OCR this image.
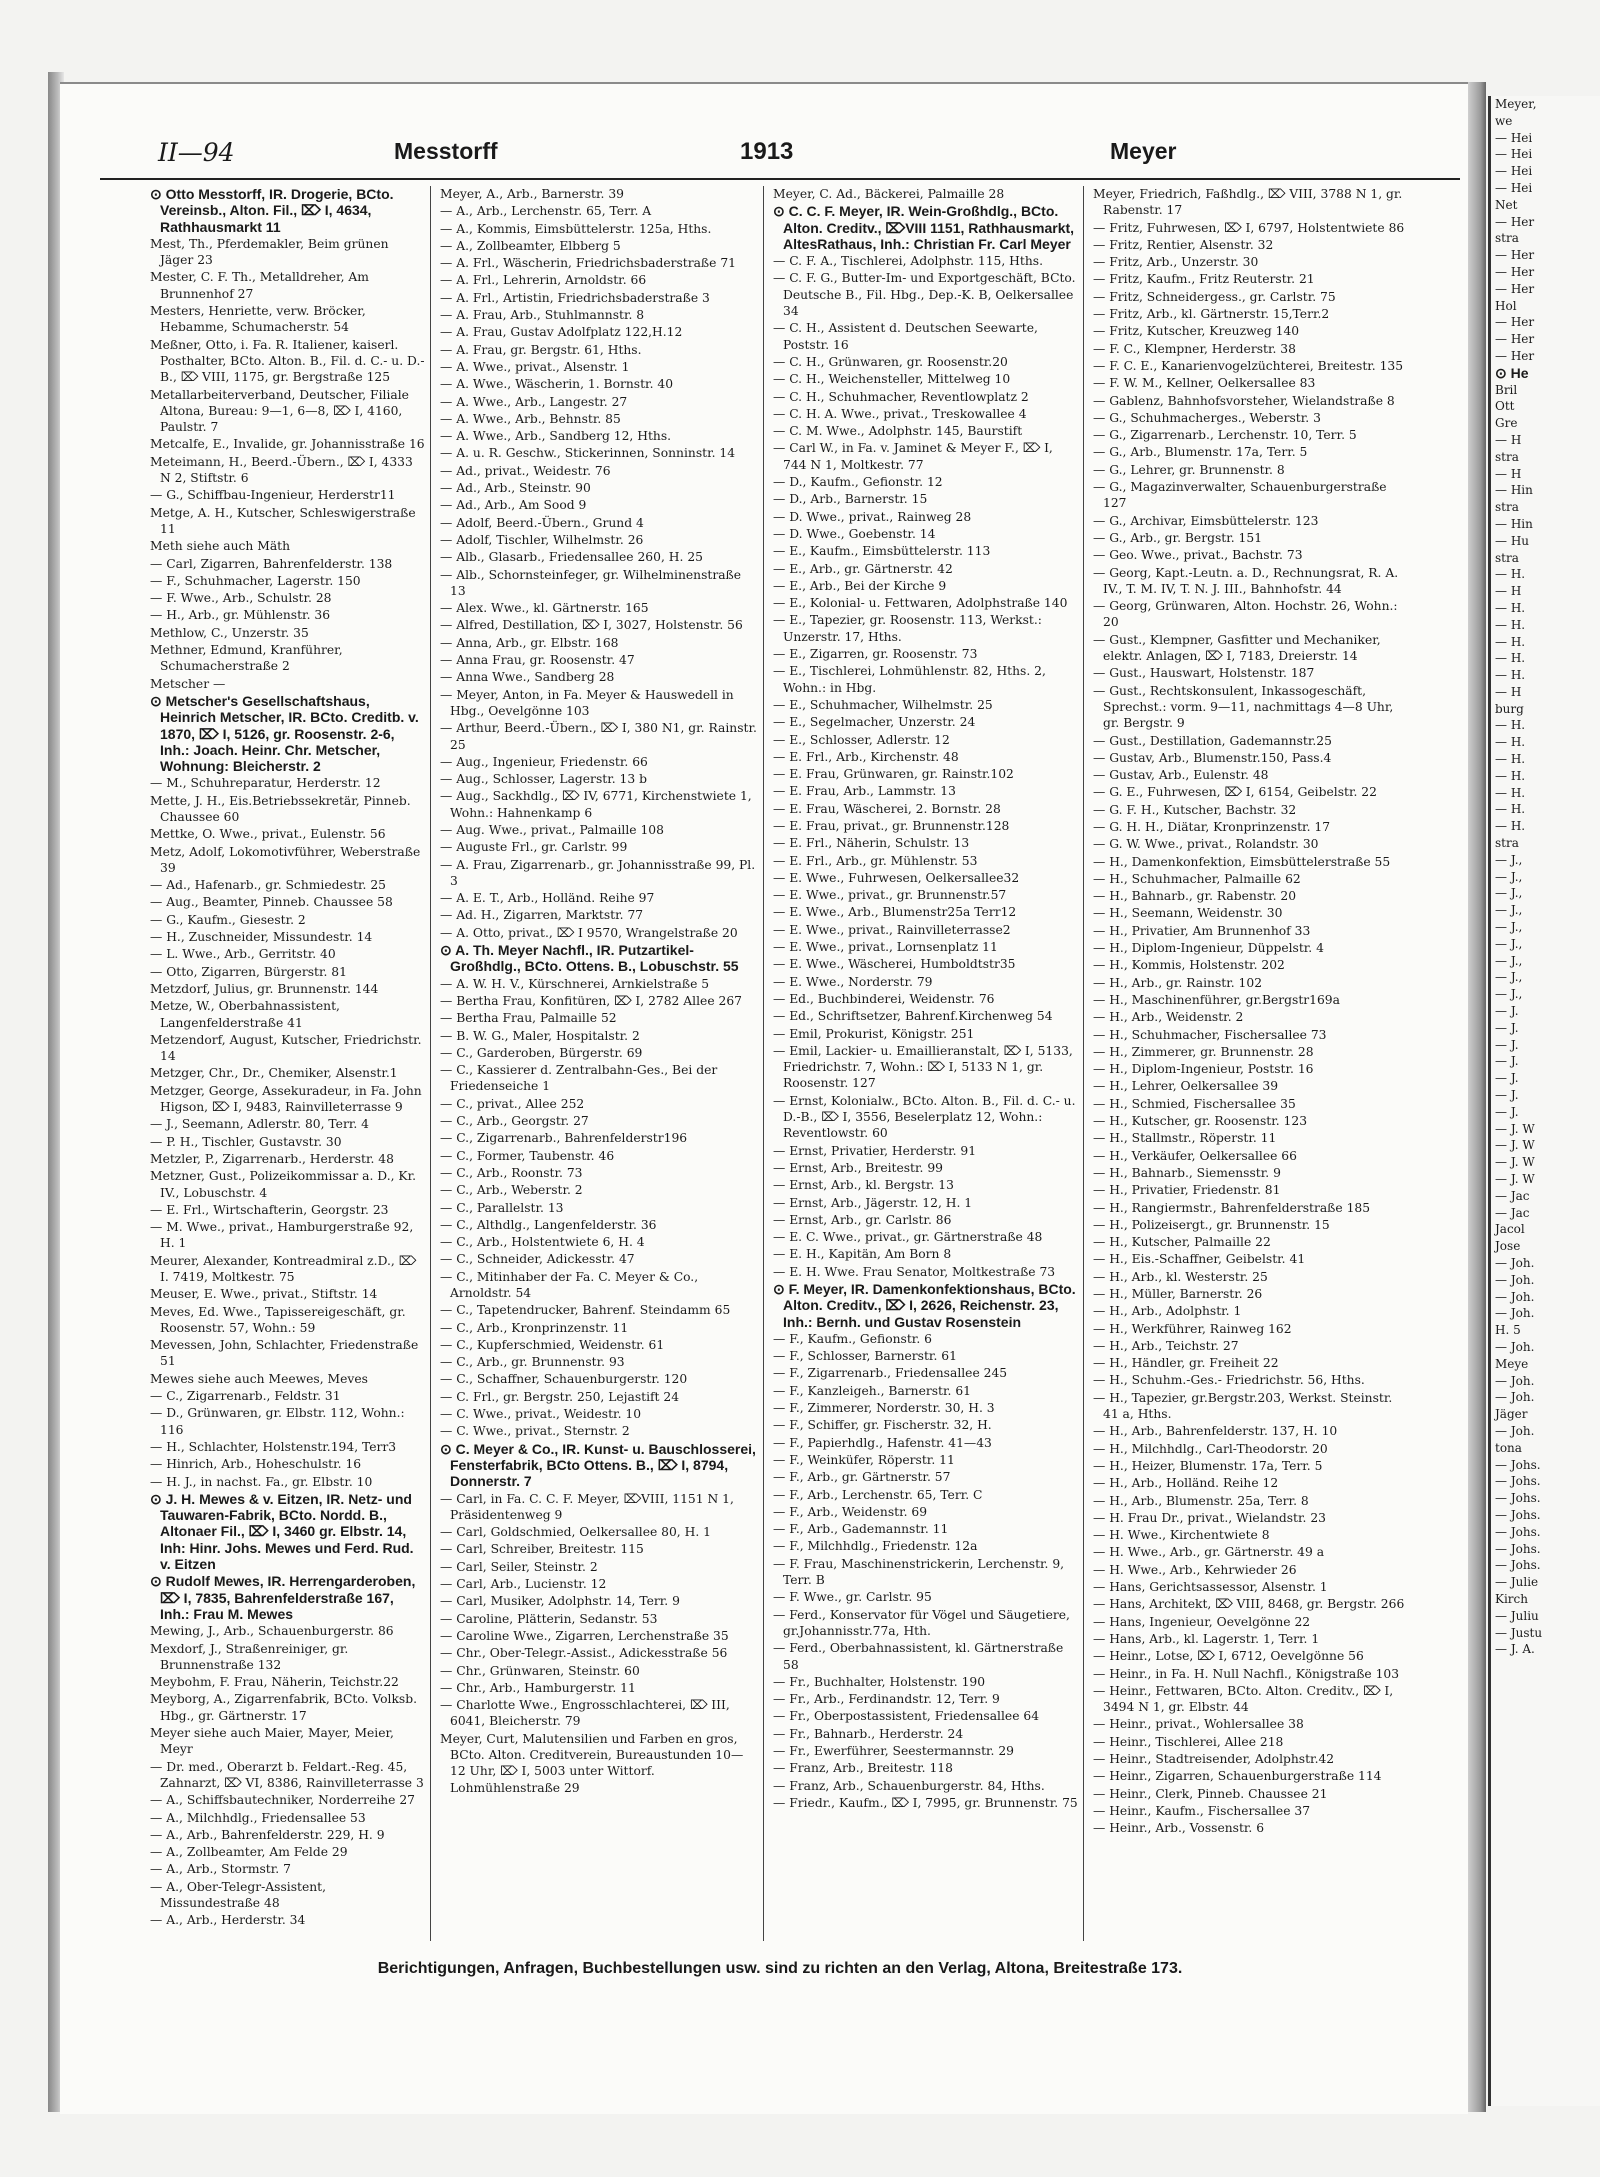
Meyer,
we
— Hei
— Hei
— Hei
— Hei
Net
— Her
stra
— Her
— Her
— Her
Hol
— Her
— Her
— Her
⊙ He
Bril
Ott
Gre
— H
stra
— H
— Hin
stra
— Hin
— Hu
stra
— H.
— H
— H.
— H.
— H.
— H.
— H.
— H
burg
— H.
— H.
— H.
— H.
— H.
— H.
— H.
stra
— J.,
— J.,
— J.,
— J.,
— J.,
— J.,
— J.,
— J.,
— J.,
— J.
— J.
— J.
— J.
— J.
— J.
— J.
— J. W
— J. W
— J. W
— J. W
— Jac
— Jac
Jacol
Jose
— Joh.
— Joh.
— Joh.
— Joh.
H. 5
— Joh.
Meye
— Joh.
— Joh.
Jäger
— Joh.
tona
— Johs.
— Johs.
— Johs.
— Johs.
— Johs.
— Johs.
— Johs.
— Julie
Kirch
— Juliu
— Justu
— J. A.
II—94	Messtorff	1913	Meyer
⊙ Otto Messtorff, IR. Drogerie, BCto. Vereinsb., Alton. Fil., ⌦ I, 4634, Rathhausmarkt 11
Mest, Th., Pferdemakler, Beim grünen Jäger 23
Mester, C. F. Th., Metalldreher, Am Brunnenhof 27
Mesters, Henriette, verw. Bröcker, Hebamme, Schumacherstr. 54
Meßner, Otto, i. Fa. R. Italiener, kaiserl. Posthalter, BCto. Alton. B., Fil. d. C.- u. D.-B., ⌦ VIII, 1175, gr. Bergstraße 125
Metallarbeiterverband, Deutscher, Filiale Altona, Bureau: 9—1, 6—8, ⌦ I, 4160, Paulstr. 7
Metcalfe, E., Invalide, gr. Johannisstraße 16
Meteimann, H., Beerd.-Übern., ⌦ I, 4333 N 2, Stiftstr. 6
— G., Schiffbau-Ingenieur, Herderstr11
Metge, A. H., Kutscher, Schleswigerstraße 11
Meth siehe auch Mäth
— Carl, Zigarren, Bahrenfelderstr. 138
— F., Schuhmacher, Lagerstr. 150
— F. Wwe., Arb., Schulstr. 28
— H., Arb., gr. Mühlenstr. 36
Methlow, C., Unzerstr. 35
Methner, Edmund, Kranführer, Schumacherstraße 2
Metscher —
⊙ Metscher's Gesellschaftshaus, Heinrich Metscher, IR. BCto. Creditb. v. 1870, ⌦ I, 5126, gr. Roosenstr. 2-6, Inh.: Joach. Heinr. Chr. Metscher, Wohnung: Bleicherstr. 2
— M., Schuhreparatur, Herderstr. 12
Mette, J. H., Eis.Betriebssekretär, Pinneb. Chaussee 60
Mettke, O. Wwe., privat., Eulenstr. 56
Metz, Adolf, Lokomotivführer, Weberstraße 39
— Ad., Hafenarb., gr. Schmiedestr. 25
— Aug., Beamter, Pinneb. Chaussee 58
— G., Kaufm., Giesestr. 2
— H., Zuschneider, Missundestr. 14
— L. Wwe., Arb., Gerritstr. 40
— Otto, Zigarren, Bürgerstr. 81
Metzdorf, Julius, gr. Brunnenstr. 144
Metze, W., Oberbahnassistent, Langenfelderstraße 41
Metzendorf, August, Kutscher, Friedrichstr. 14
Metzger, Chr., Dr., Chemiker, Alsenstr.1
Metzger, George, Assekuradeur, in Fa. John Higson, ⌦ I, 9483, Rainvilleterrasse 9
— J., Seemann, Adlerstr. 80, Terr. 4
— P. H., Tischler, Gustavstr. 30
Metzler, P., Zigarrenarb., Herderstr. 48
Metzner, Gust., Polizeikommissar a. D., Kr. IV., Lobuschstr. 4
— E. Frl., Wirtschafterin, Georgstr. 23
— M. Wwe., privat., Hamburgerstraße 92, H. 1
Meurer, Alexander, Kontreadmiral z.D., ⌦ I. 7419, Moltkestr. 75
Meuser, E. Wwe., privat., Stiftstr. 14
Meves, Ed. Wwe., Tapissereigeschäft, gr. Roosenstr. 57, Wohn.: 59
Mevessen, John, Schlachter, Friedenstraße 51
Mewes siehe auch Meewes, Meves
— C., Zigarrenarb., Feldstr. 31
— D., Grünwaren, gr. Elbstr. 112, Wohn.: 116
— H., Schlachter, Holstenstr.194, Terr3
— Hinrich, Arb., Hoheschulstr. 16
— H. J., in nachst. Fa., gr. Elbstr. 10
⊙ J. H. Mewes & v. Eitzen, IR. Netz- und Tauwaren-Fabrik, BCto. Nordd. B., Altonaer Fil., ⌦ I, 3460 gr. Elbstr. 14, Inh: Hinr. Johs. Mewes und Ferd. Rud. v. Eitzen
⊙ Rudolf Mewes, IR. Herrengarderoben, ⌦ I, 7835, Bahrenfelderstraße 167, Inh.: Frau M. Mewes
Mewing, J., Arb., Schauenburgerstr. 86
Mexdorf, J., Straßenreiniger, gr. Brunnenstraße 132
Meybohm, F. Frau, Näherin, Teichstr.22
Meyborg, A., Zigarrenfabrik, BCto. Volksb. Hbg., gr. Gärtnerstr. 17
Meyer siehe auch Maier, Mayer, Meier, Meyr
— Dr. med., Oberarzt b. Feldart.-Reg. 45, Zahnarzt, ⌦ VI, 8386, Rainvilleterrasse 3
— A., Schiffsbautechniker, Norderreihe 27
— A., Milchhdlg., Friedensallee 53
— A., Arb., Bahrenfelderstr. 229, H. 9
— A., Zollbeamter, Am Felde 29
— A., Arb., Stormstr. 7
— A., Ober-Telegr-Assistent, Missundestraße 48
— A., Arb., Herderstr. 34
Meyer, A., Arb., Barnerstr. 39
— A., Arb., Lerchenstr. 65, Terr. A
— A., Kommis, Eimsbüttelerstr. 125a, Hths.
— A., Zollbeamter, Elbberg 5
— A. Frl., Wäscherin, Friedrichsbaderstraße 71
— A. Frl., Lehrerin, Arnoldstr. 66
— A. Frl., Artistin, Friedrichsbaderstraße 3
— A. Frau, Arb., Stuhlmannstr. 8
— A. Frau, Gustav Adolfplatz 122,H.12
— A. Frau, gr. Bergstr. 61, Hths.
— A. Wwe., privat., Alsenstr. 1
— A. Wwe., Wäscherin, 1. Bornstr. 40
— A. Wwe., Arb., Langestr. 27
— A. Wwe., Arb., Behnstr. 85
— A. Wwe., Arb., Sandberg 12, Hths.
— A. u. R. Geschw., Stickerinnen, Sonninstr. 14
— Ad., privat., Weidestr. 76
— Ad., Arb., Steinstr. 90
— Ad., Arb., Am Sood 9
— Adolf, Beerd.-Übern., Grund 4
— Adolf, Tischler, Wilhelmstr. 26
— Alb., Glasarb., Friedensallee 260, H. 25
— Alb., Schornsteinfeger, gr. Wilhelminenstraße 13
— Alex. Wwe., kl. Gärtnerstr. 165
— Alfred, Destillation, ⌦ I, 3027, Holstenstr. 56
— Anna, Arb., gr. Elbstr. 168
— Anna Frau, gr. Roosenstr. 47
— Anna Wwe., Sandberg 28
— Meyer, Anton, in Fa. Meyer & Hauswedell in Hbg., Oevelgönne 103
— Arthur, Beerd.-Übern., ⌦ I, 380 N1, gr. Rainstr. 25
— Aug., Ingenieur, Friedenstr. 66
— Aug., Schlosser, Lagerstr. 13 b
— Aug., Sackhdlg., ⌦ IV, 6771, Kirchenstwiete 1, Wohn.: Hahnenkamp 6
— Aug. Wwe., privat., Palmaille 108
— Auguste Frl., gr. Carlstr. 99
— A. Frau, Zigarrenarb., gr. Johannisstraße 99, Pl. 3
— A. E. T., Arb., Holländ. Reihe 97
— Ad. H., Zigarren, Marktstr. 77
— A. Otto, privat., ⌦ I 9570, Wrangelstraße 20
⊙ A. Th. Meyer Nachfl., IR. Putzartikel-Großhdlg., BCto. Ottens. B., Lobuschstr. 55
— A. W. H. V., Kürschnerei, Arnkielstraße 5
— Bertha Frau, Konfitüren, ⌦ I, 2782 Allee 267
— Bertha Frau, Palmaille 52
— B. W. G., Maler, Hospitalstr. 2
— C., Garderoben, Bürgerstr. 69
— C., Kassierer d. Zentralbahn-Ges., Bei der Friedenseiche 1
— C., privat., Allee 252
— C., Arb., Georgstr. 27
— C., Zigarrenarb., Bahrenfelderstr196
— C., Former, Taubenstr. 46
— C., Arb., Roonstr. 73
— C., Arb., Weberstr. 2
— C., Parallelstr. 13
— C., Althdlg., Langenfelderstr. 36
— C., Arb., Holstentwiete 6, H. 4
— C., Schneider, Adickesstr. 47
— C., Mitinhaber der Fa. C. Meyer & Co., Arnoldstr. 54
— C., Tapetendrucker, Bahrenf. Steindamm 65
— C., Arb., Kronprinzenstr. 11
— C., Kupferschmied, Weidenstr. 61
— C., Arb., gr. Brunnenstr. 93
— C., Schaffner, Schauenburgerstr. 120
— C. Frl., gr. Bergstr. 250, Lejastift 24
— C. Wwe., privat., Weidestr. 10
— C. Wwe., privat., Sternstr. 2
⊙ C. Meyer & Co., IR. Kunst- u. Bauschlosserei, Fensterfabrik, BCto Ottens. B., ⌦ I, 8794, Donnerstr. 7
— Carl, in Fa. C. C. F. Meyer, ⌦VIII, 1151 N 1, Präsidentenweg 9
— Carl, Goldschmied, Oelkersallee 80, H. 1
— Carl, Schreiber, Breitestr. 115
— Carl, Seiler, Steinstr. 2
— Carl, Arb., Lucienstr. 12
— Carl, Musiker, Adolphstr. 14, Terr. 9
— Caroline, Plätterin, Sedanstr. 53
— Caroline Wwe., Zigarren, Lerchenstraße 35
— Chr., Ober-Telegr.-Assist., Adickesstraße 56
— Chr., Grünwaren, Steinstr. 60
— Chr., Arb., Hamburgerstr. 11
— Charlotte Wwe., Engrosschlachterei, ⌦ III, 6041, Bleicherstr. 79
Meyer, Curt, Malutensilien und Farben en gros, BCto. Alton. Creditverein, Bureaustunden 10—12 Uhr, ⌦ I, 5003 unter Wittorf. Lohmühlenstraße 29
Meyer, C. Ad., Bäckerei, Palmaille 28
⊙ C. C. F. Meyer, IR. Wein-Großhdlg., BCto. Alton. Creditv., ⌦VIII 1151, Rathhausmarkt, AltesRathaus, Inh.: Christian Fr. Carl Meyer
— C. F. A., Tischlerei, Adolphstr. 115, Hths.
— C. F. G., Butter-Im- und Exportgeschäft, BCto. Deutsche B., Fil. Hbg., Dep.-K. B, Oelkersallee 34
— C. H., Assistent d. Deutschen Seewarte, Poststr. 16
— C. H., Grünwaren, gr. Roosenstr.20
— C. H., Weichensteller, Mittelweg 10
— C. H., Schuhmacher, Reventlowplatz 2
— C. H. A. Wwe., privat., Treskowallee 4
— C. M. Wwe., Adolphstr. 145, Baurstift
— Carl W., in Fa. v. Jaminet & Meyer F., ⌦ I, 744 N 1, Moltkestr. 77
— D., Kaufm., Gefionstr. 12
— D., Arb., Barnerstr. 15
— D. Wwe., privat., Rainweg 28
— D. Wwe., Goebenstr. 14
— E., Kaufm., Eimsbüttelerstr. 113
— E., Arb., gr. Gärtnerstr. 42
— E., Arb., Bei der Kirche 9
— E., Kolonial- u. Fettwaren, Adolphstraße 140
— E., Tapezier, gr. Roosenstr. 113, Werkst.: Unzerstr. 17, Hths.
— E., Zigarren, gr. Roosenstr. 73
— E., Tischlerei, Lohmühlenstr. 82, Hths. 2, Wohn.: in Hbg.
— E., Schuhmacher, Wilhelmstr. 25
— E., Segelmacher, Unzerstr. 24
— E., Schlosser, Adlerstr. 12
— E. Frl., Arb., Kirchenstr. 48
— E. Frau, Grünwaren, gr. Rainstr.102
— E. Frau, Arb., Lammstr. 13
— E. Frau, Wäscherei, 2. Bornstr. 28
— E. Frau, privat., gr. Brunnenstr.128
— E. Frl., Näherin, Schulstr. 13
— E. Frl., Arb., gr. Mühlenstr. 53
— E. Wwe., Fuhrwesen, Oelkersallee32
— E. Wwe., privat., gr. Brunnenstr.57
— E. Wwe., Arb., Blumenstr25a Terr12
— E. Wwe., privat., Rainvilleterrasse2
— E. Wwe., privat., Lornsenplatz 11
— E. Wwe., Wäscherei, Humboldtstr35
— E. Wwe., Norderstr. 79
— Ed., Buchbinderei, Weidenstr. 76
— Ed., Schriftsetzer, Bahrenf.Kirchenweg 54
— Emil, Prokurist, Königstr. 251
— Emil, Lackier- u. Emaillieranstalt, ⌦ I, 5133, Friedrichstr. 7, Wohn.: ⌦ I, 5133 N 1, gr. Roosenstr. 127
— Ernst, Kolonialw., BCto. Alton. B., Fil. d. C.- u. D.-B., ⌦ I, 3556, Beselerplatz 12, Wohn.: Reventlowstr. 60
— Ernst, Privatier, Herderstr. 91
— Ernst, Arb., Breitestr. 99
— Ernst, Arb., kl. Bergstr. 13
— Ernst, Arb., Jägerstr. 12, H. 1
— Ernst, Arb., gr. Carlstr. 86
— E. C. Wwe., privat., gr. Gärtnerstraße 48
— E. H., Kapitän, Am Born 8
— E. H. Wwe. Frau Senator, Moltkestraße 73
⊙ F. Meyer, IR. Damenkonfektionshaus, BCto. Alton. Creditv., ⌦ I, 2626, Reichenstr. 23, Inh.: Bernh. und Gustav Rosenstein
— F., Kaufm., Gefionstr. 6
— F., Schlosser, Barnerstr. 61
— F., Zigarrenarb., Friedensallee 245
— F., Kanzleigeh., Barnerstr. 61
— F., Zimmerer, Norderstr. 30, H. 3
— F., Schiffer, gr. Fischerstr. 32, H.
— F., Papierhdlg., Hafenstr. 41—43
— F., Weinküfer, Röperstr. 11
— F., Arb., gr. Gärtnerstr. 57
— F., Arb., Lerchenstr. 65, Terr. C
— F., Arb., Weidenstr. 69
— F., Arb., Gademannstr. 11
— F., Milchhdlg., Friedenstr. 12a
— F. Frau, Maschinenstrickerin, Lerchenstr. 9, Terr. B
— F. Wwe., gr. Carlstr. 95
— Ferd., Konservator für Vögel und Säugetiere, gr.Johannisstr.77a, Hth.
— Ferd., Oberbahnassistent, kl. Gärtnerstraße 58
— Fr., Buchhalter, Holstenstr. 190
— Fr., Arb., Ferdinandstr. 12, Terr. 9
— Fr., Oberpostassistent, Friedensallee 64
— Fr., Bahnarb., Herderstr. 24
— Fr., Ewerführer, Seestermannstr. 29
— Franz, Arb., Breitestr. 118
— Franz, Arb., Schauenburgerstr. 84, Hths.
— Friedr., Kaufm., ⌦ I, 7995, gr. Brunnenstr. 75
Meyer, Friedrich, Faßhdlg., ⌦ VIII, 3788 N 1, gr. Rabenstr. 17
— Fritz, Fuhrwesen, ⌦ I, 6797, Holstentwiete 86
— Fritz, Rentier, Alsenstr. 32
— Fritz, Arb., Unzerstr. 30
— Fritz, Kaufm., Fritz Reuterstr. 21
— Fritz, Schneidergess., gr. Carlstr. 75
— Fritz, Arb., kl. Gärtnerstr. 15,Terr.2
— Fritz, Kutscher, Kreuzweg 140
— F. C., Klempner, Herderstr. 38
— F. C. E., Kanarienvogelzüchterei, Breitestr. 135
— F. W. M., Kellner, Oelkersallee 83
— Gablenz, Bahnhofsvorsteher, Wielandstraße 8
— G., Schuhmacherges., Weberstr. 3
— G., Zigarrenarb., Lerchenstr. 10, Terr. 5
— G., Arb., Blumenstr. 17a, Terr. 5
— G., Lehrer, gr. Brunnenstr. 8
— G., Magazinverwalter, Schauenburgerstraße 127
— G., Archivar, Eimsbüttelerstr. 123
— G., Arb., gr. Bergstr. 151
— Geo. Wwe., privat., Bachstr. 73
— Georg, Kapt.-Leutn. a. D., Rechnungsrat, R. A. IV., T. M. IV, T. N. J. III., Bahnhofstr. 44
— Georg, Grünwaren, Alton. Hochstr. 26, Wohn.: 20
— Gust., Klempner, Gasfitter und Mechaniker, elektr. Anlagen, ⌦ I, 7183, Dreierstr. 14
— Gust., Hauswart, Holstenstr. 187
— Gust., Rechtskonsulent, Inkassogeschäft, Sprechst.: vorm. 9—11, nachmittags 4—8 Uhr, gr. Bergstr. 9
— Gust., Destillation, Gademannstr.25
— Gustav, Arb., Blumenstr.150, Pass.4
— Gustav, Arb., Eulenstr. 48
— G. E., Fuhrwesen, ⌦ I, 6154, Geibelstr. 22
— G. F. H., Kutscher, Bachstr. 32
— G. H. H., Diätar, Kronprinzenstr. 17
— G. W. Wwe., privat., Rolandstr. 30
— H., Damenkonfektion, Eimsbüttelerstraße 55
— H., Schuhmacher, Palmaille 62
— H., Bahnarb., gr. Rabenstr. 20
— H., Seemann, Weidenstr. 30
— H., Privatier, Am Brunnenhof 33
— H., Diplom-Ingenieur, Düppelstr. 4
— H., Kommis, Holstenstr. 202
— H., Arb., gr. Rainstr. 102
— H., Maschinenführer, gr.Bergstr169a
— H., Arb., Weidenstr. 2
— H., Schuhmacher, Fischersallee 73
— H., Zimmerer, gr. Brunnenstr. 28
— H., Diplom-Ingenieur, Poststr. 16
— H., Lehrer, Oelkersallee 39
— H., Schmied, Fischersallee 35
— H., Kutscher, gr. Roosenstr. 123
— H., Stallmstr., Röperstr. 11
— H., Verkäufer, Oelkersallee 66
— H., Bahnarb., Siemensstr. 9
— H., Privatier, Friedenstr. 81
— H., Rangiermstr., Bahrenfelderstraße 185
— H., Polizeisergt., gr. Brunnenstr. 15
— H., Kutscher, Palmaille 22
— H., Eis.-Schaffner, Geibelstr. 41
— H., Arb., kl. Westerstr. 25
— H., Müller, Barnerstr. 26
— H., Arb., Adolphstr. 1
— H., Werkführer, Rainweg 162
— H., Arb., Teichstr. 27
— H., Händler, gr. Freiheit 22
— H., Schuhm.-Ges.- Friedrichstr. 56, Hths.
— H., Tapezier, gr.Bergstr.203, Werkst. Steinstr. 41 a, Hths.
— H., Arb., Bahrenfelderstr. 137, H. 10
— H., Milchhdlg., Carl-Theodorstr. 20
— H., Heizer, Blumenstr. 17a, Terr. 5
— H., Arb., Holländ. Reihe 12
— H., Arb., Blumenstr. 25a, Terr. 8
— H. Frau Dr., privat., Wielandstr. 23
— H. Wwe., Kirchentwiete 8
— H. Wwe., Arb., gr. Gärtnerstr. 49 a
— H. Wwe., Arb., Kehrwieder 26
— Hans, Gerichtsassessor, Alsenstr. 1
— Hans, Architekt, ⌦ VIII, 8468, gr. Bergstr. 266
— Hans, Ingenieur, Oevelgönne 22
— Hans, Arb., kl. Lagerstr. 1, Terr. 1
— Heinr., Lotse, ⌦ I, 6712, Oevelgönne 56
— Heinr., in Fa. H. Null Nachfl., Königstraße 103
— Heinr., Fettwaren, BCto. Alton. Creditv., ⌦ I, 3494 N 1, gr. Elbstr. 44
— Heinr., privat., Wohlersallee 38
— Heinr., Tischlerei, Allee 218
— Heinr., Stadtreisender, Adolphstr.42
— Heinr., Zigarren, Schauenburgerstraße 114
— Heinr., Clerk, Pinneb. Chaussee 21
— Heinr., Kaufm., Fischersallee 37
— Heinr., Arb., Vossenstr. 6
Berichtigungen, Anfragen, Buchbestellungen usw. sind zu richten an den Verlag, Altona, Breitestraße 173.
